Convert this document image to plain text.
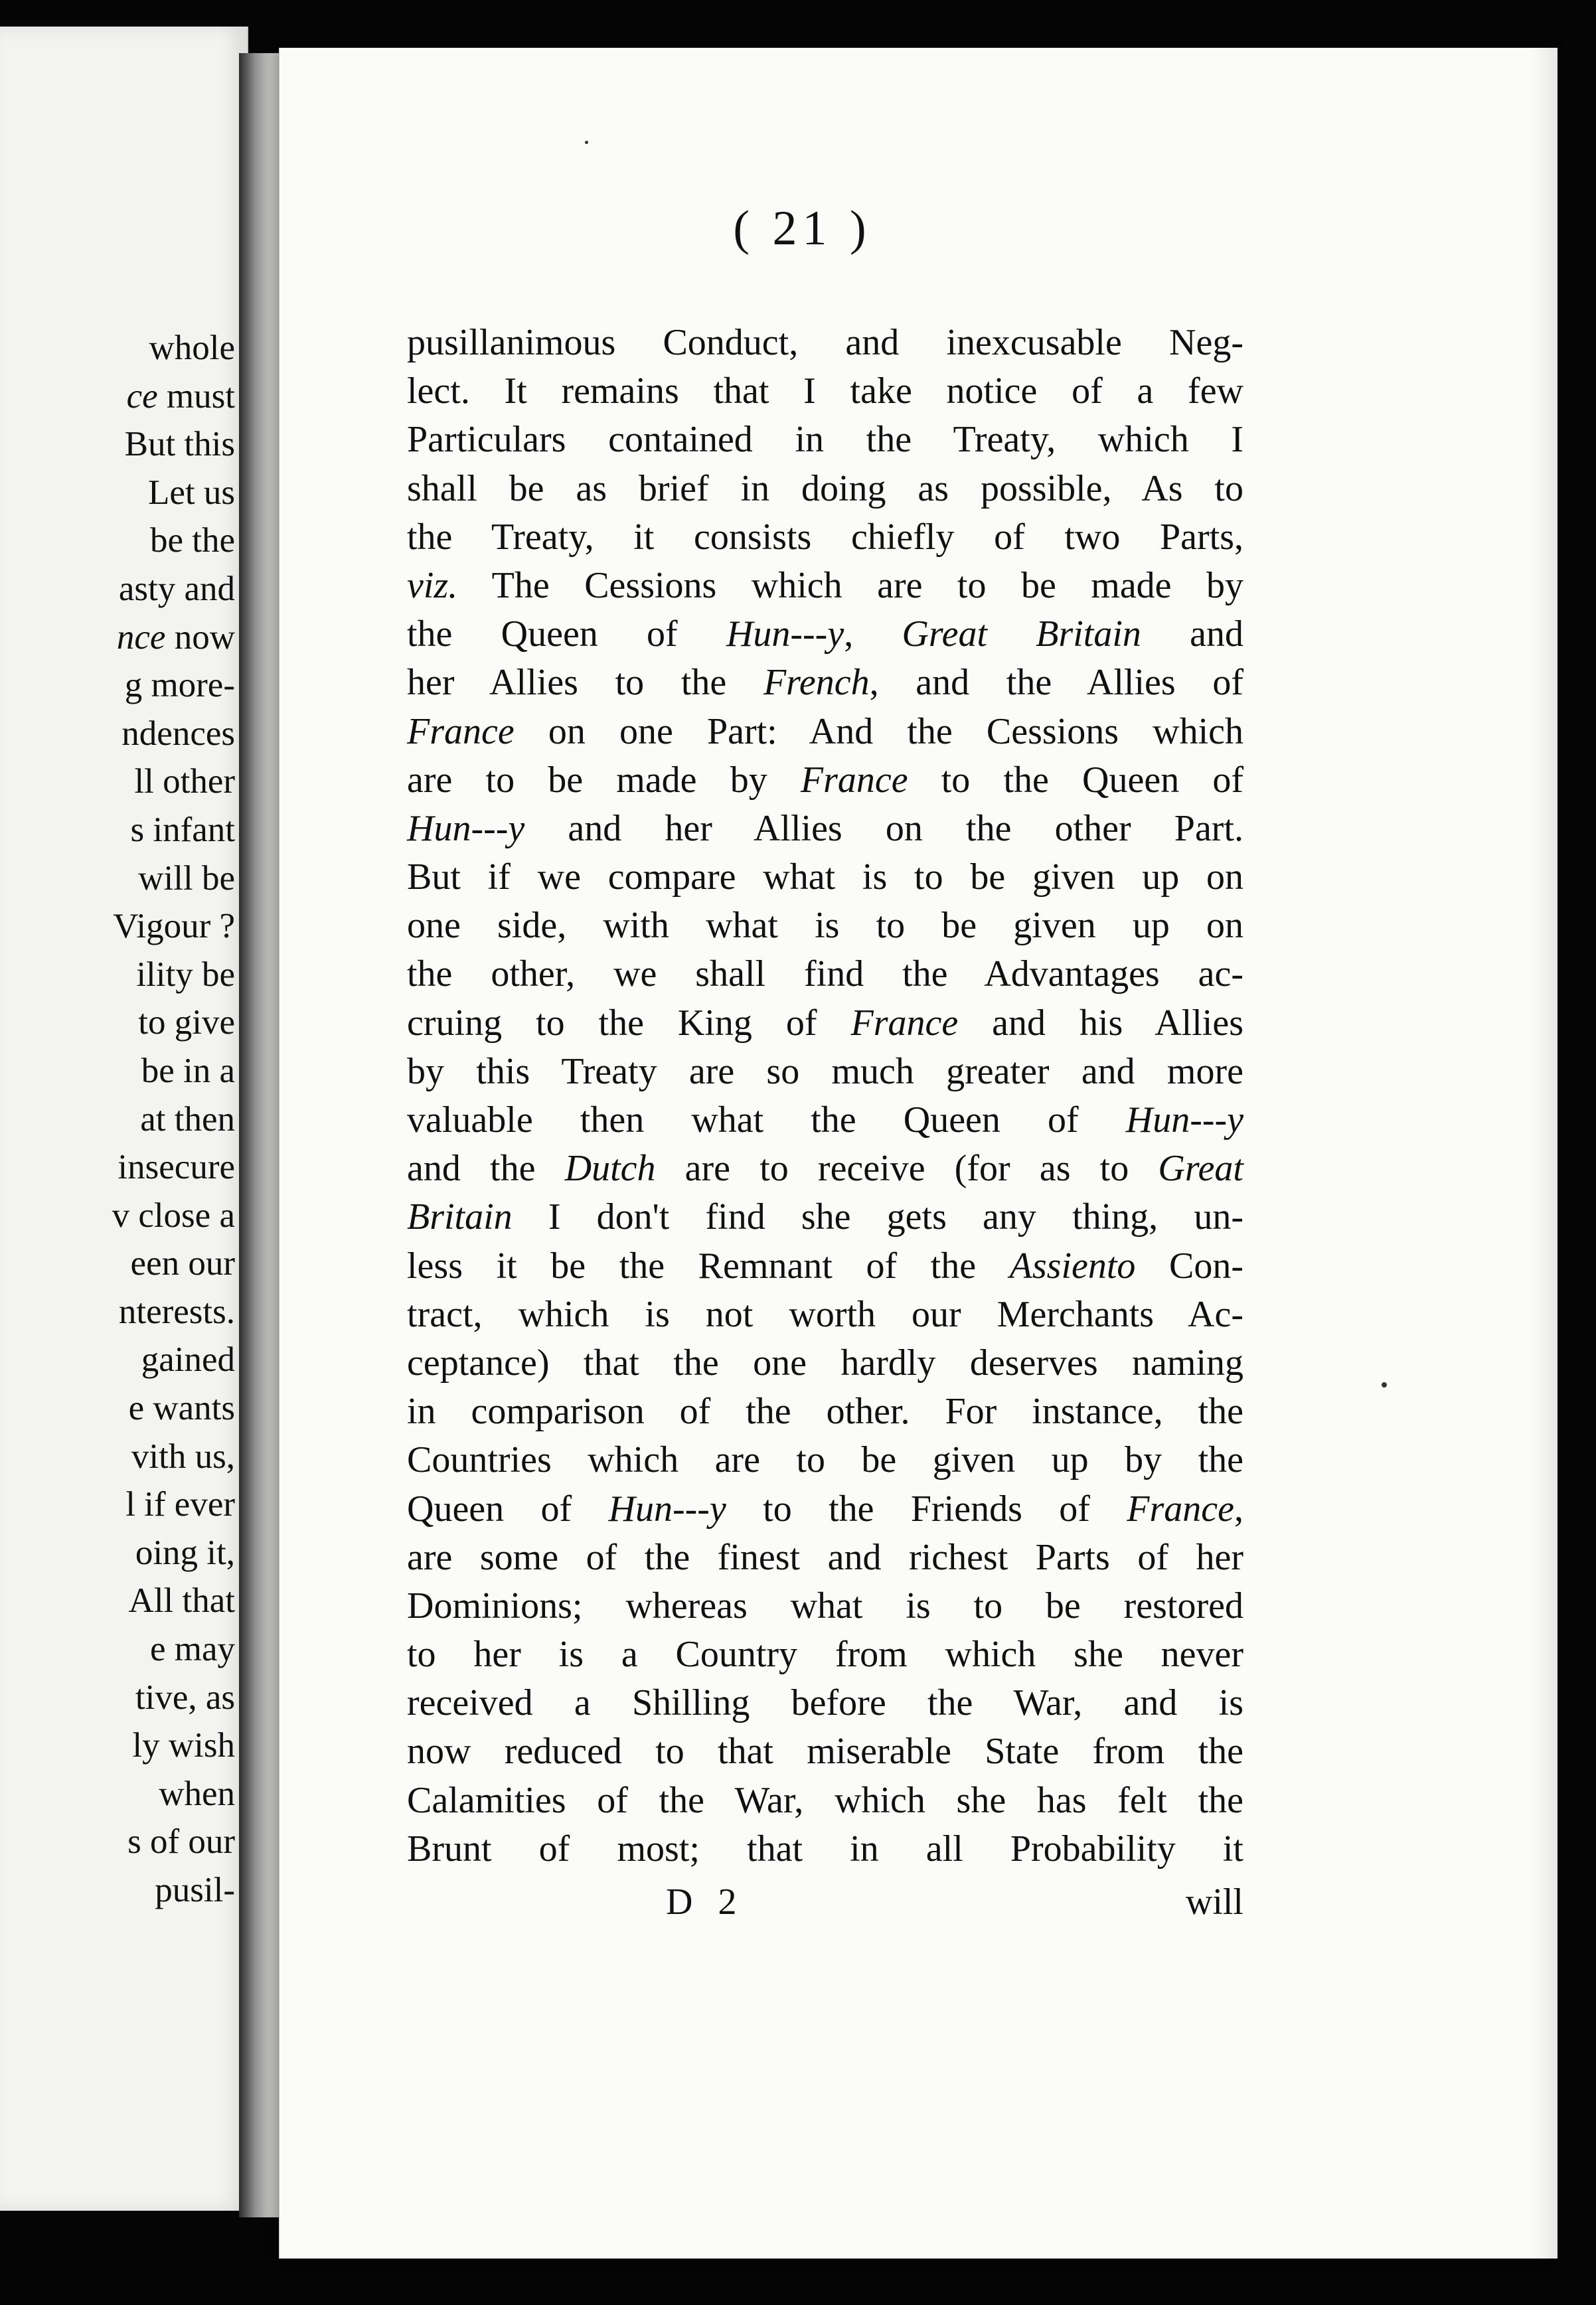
whole
ce must
But this
Let us
be the
asty and
nce now
g more-
ndences
ll other
s infant
will be
Vigour ?
ility be
to give
be in a
at then
insecure
v close a
een our
nterests.
gained
e wants
vith us,
l if ever
oing it,
All that
e may
tive, as
ly wish
when
s of our
pusil-
( 21 )
pusillanimous Conduct, and inexcusable Neg-
lect. It remains that I take notice of a few
Particulars contained in the Treaty, which I
shall be as brief in doing as possible, As to
the Treaty, it consists chiefly of two Parts,
viz. The Cessions which are to be made by
the Queen of Hun---y, Great Britain and
her Allies to the French, and the Allies of
France on one Part: And the Cessions which
are to be made by France to the Queen of
Hun---y and her Allies on the other Part.
But if we compare what is to be given up on
one side, with what is to be given up on
the other, we shall find the Advantages ac-
cruing to the King of France and his Allies
by this Treaty are so much greater and more
valuable then what the Queen of Hun---y
and the Dutch are to receive (for as to Great
Britain I don't find she gets any thing, un-
less it be the Remnant of the Assiento Con-
tract, which is not worth our Merchants Ac-
ceptance) that the one hardly deserves naming
in comparison of the other. For instance, the
Countries which are to be given up by the
Queen of Hun---y to the Friends of France,
are some of the finest and richest Parts of her
Dominions; whereas what is to be restored
to her is a Country from which she never
received a Shilling before the War, and is
now reduced to that miserable State from the
Calamities of the War, which she has felt the
Brunt of most; that in all Probability it
D 2	will
